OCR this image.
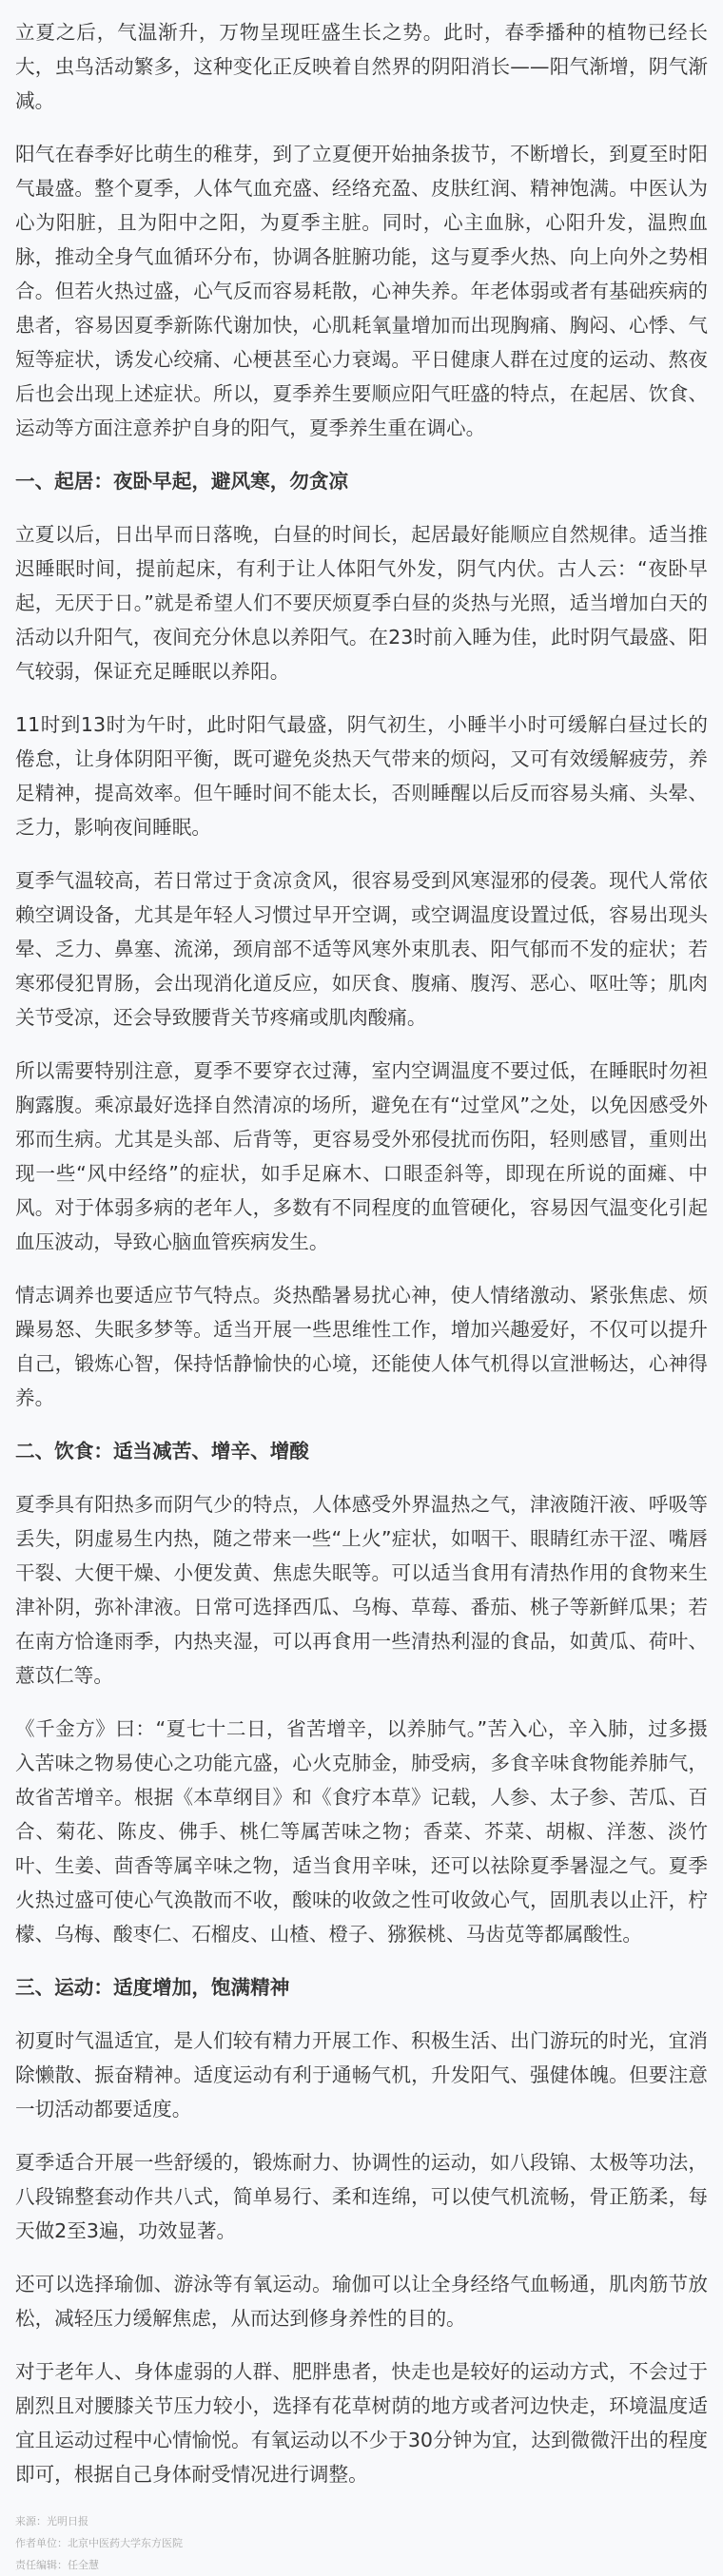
立夏之后，气温渐升，万物呈现旺盛生长之势。此时，春季播种的植物已经长大，虫鸟活动繁多，这种变化正反映着自然界的阴阳消长——阳气渐增，阴气渐减。

阳气在春季好比萌生的稚芽，到了立夏便开始抽条拔节，不断增长，到夏至时阳气最盛。整个夏季，人体气血充盛、经络充盈、皮肤红润、精神饱满。中医认为心为阳脏，且为阳中之阳，为夏季主脏。同时，心主血脉，心阳升发，温煦血脉，推动全身气血循环分布，协调各脏腑功能，这与夏季火热、向上向外之势相合。但若火热过盛，心气反而容易耗散，心神失养。年老体弱或者有基础疾病的患者，容易因夏季新陈代谢加快，心肌耗氧量增加而出现胸痛、胸闷、心悸、气短等症状，诱发心绞痛、心梗甚至心力衰竭。平日健康人群在过度的运动、熬夜后也会出现上述症状。所以，夏季养生要顺应阳气旺盛的特点，在起居、饮食、运动等方面注意养护自身的阳气，夏季养生重在调心。

一、起居：夜卧早起，避风寒，勿贪凉

立夏以后，日出早而日落晚，白昼的时间长，起居最好能顺应自然规律。适当推迟睡眠时间，提前起床，有利于让人体阳气外发，阴气内伏。古人云：“夜卧早起，无厌于日。”就是希望人们不要厌烦夏季白昼的炎热与光照，适当增加白天的活动以升阳气，夜间充分休息以养阳气。在23时前入睡为佳，此时阴气最盛、阳气较弱，保证充足睡眠以养阳。

11时到13时为午时，此时阳气最盛，阴气初生，小睡半小时可缓解白昼过长的倦怠，让身体阴阳平衡，既可避免炎热天气带来的烦闷，又可有效缓解疲劳，养足精神，提高效率。但午睡时间不能太长，否则睡醒以后反而容易头痛、头晕、乏力，影响夜间睡眠。

夏季气温较高，若日常过于贪凉贪风，很容易受到风寒湿邪的侵袭。现代人常依赖空调设备，尤其是年轻人习惯过早开空调，或空调温度设置过低，容易出现头晕、乏力、鼻塞、流涕，颈肩部不适等风寒外束肌表、阳气郁而不发的症状；若寒邪侵犯胃肠，会出现消化道反应，如厌食、腹痛、腹泻、恶心、呕吐等；肌肉关节受凉，还会导致腰背关节疼痛或肌肉酸痛。

所以需要特别注意，夏季不要穿衣过薄，室内空调温度不要过低，在睡眠时勿袒胸露腹。乘凉最好选择自然清凉的场所，避免在有“过堂风”之处，以免因感受外邪而生病。尤其是头部、后背等，更容易受外邪侵扰而伤阳，轻则感冒，重则出现一些“风中经络”的症状，如手足麻木、口眼歪斜等，即现在所说的面瘫、中风。对于体弱多病的老年人，多数有不同程度的血管硬化，容易因气温变化引起血压波动，导致心脑血管疾病发生。

情志调养也要适应节气特点。炎热酷暑易扰心神，使人情绪激动、紧张焦虑、烦躁易怒、失眠多梦等。适当开展一些思维性工作，增加兴趣爱好，不仅可以提升自己，锻炼心智，保持恬静愉快的心境，还能使人体气机得以宣泄畅达，心神得养。

二、饮食：适当减苦、增辛、增酸

夏季具有阳热多而阴气少的特点，人体感受外界温热之气，津液随汗液、呼吸等丢失，阴虚易生内热，随之带来一些“上火”症状，如咽干、眼睛红赤干涩、嘴唇干裂、大便干燥、小便发黄、焦虑失眠等。可以适当食用有清热作用的食物来生津补阴，弥补津液。日常可选择西瓜、乌梅、草莓、番茄、桃子等新鲜瓜果；若在南方恰逢雨季，内热夹湿，可以再食用一些清热利湿的食品，如黄瓜、荷叶、薏苡仁等。

《千金方》曰：“夏七十二日，省苦增辛，以养肺气。”苦入心，辛入肺，过多摄入苦味之物易使心之功能亢盛，心火克肺金，肺受病，多食辛味食物能养肺气，故省苦增辛。根据《本草纲目》和《食疗本草》记载，人参、太子参、苦瓜、百合、菊花、陈皮、佛手、桃仁等属苦味之物；香菜、芥菜、胡椒、洋葱、淡竹叶、生姜、茴香等属辛味之物，适当食用辛味，还可以祛除夏季暑湿之气。夏季火热过盛可使心气涣散而不收，酸味的收敛之性可收敛心气，固肌表以止汗，柠檬、乌梅、酸枣仁、石榴皮、山楂、橙子、猕猴桃、马齿苋等都属酸性。

三、运动：适度增加，饱满精神

初夏时气温适宜，是人们较有精力开展工作、积极生活、出门游玩的时光，宜消除懒散、振奋精神。适度运动有利于通畅气机，升发阳气、强健体魄。但要注意一切活动都要适度。

夏季适合开展一些舒缓的，锻炼耐力、协调性的运动，如八段锦、太极等功法，八段锦整套动作共八式，简单易行、柔和连绵，可以使气机流畅，骨正筋柔，每天做2至3遍，功效显著。

还可以选择瑜伽、游泳等有氧运动。瑜伽可以让全身经络气血畅通，肌肉筋节放松，减轻压力缓解焦虑，从而达到修身养性的目的。

对于老年人、身体虚弱的人群、肥胖患者，快走也是较好的运动方式，不会过于剧烈且对腰膝关节压力较小，选择有花草树荫的地方或者河边快走，环境温度适宜且运动过程中心情愉悦。有氧运动以不少于30分钟为宜，达到微微汗出的程度即可，根据自己身体耐受情况进行调整。

来源：光明日报
作者单位：北京中医药大学东方医院
责任编辑：任全慧
